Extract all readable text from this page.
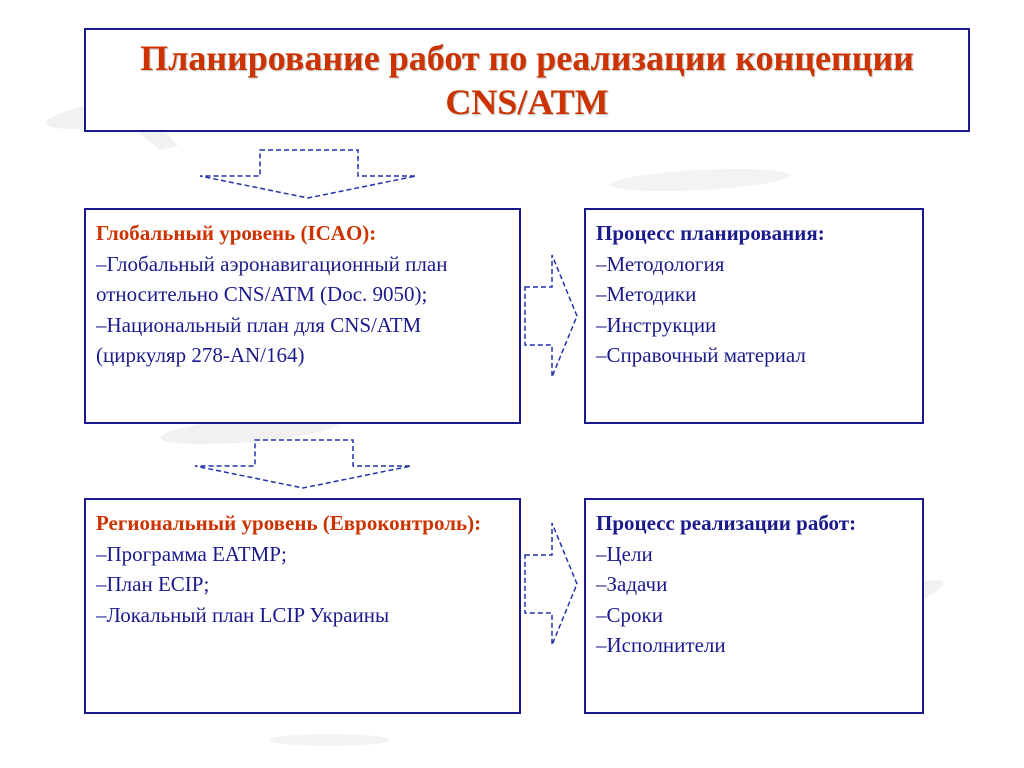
Планирование работ по реализации концепции
CNS/ATM
Глобальный уровень (ICAO):
–Глобальный аэронавигационный план относительно CNS/ATM (Doc. 9050);
–Национальный план для CNS/ATM (циркуляр 278-AN/164)
Процесс планирования:
–Методология
–Методики
–Инструкции
–Справочный материал
Региональный уровень (Евроконтроль):
–Программа EATMP;
–План ECIP;
–Локальный план LCIP Украины
Процесс реализации работ:
–Цели
–Задачи
–Сроки
–Исполнители
